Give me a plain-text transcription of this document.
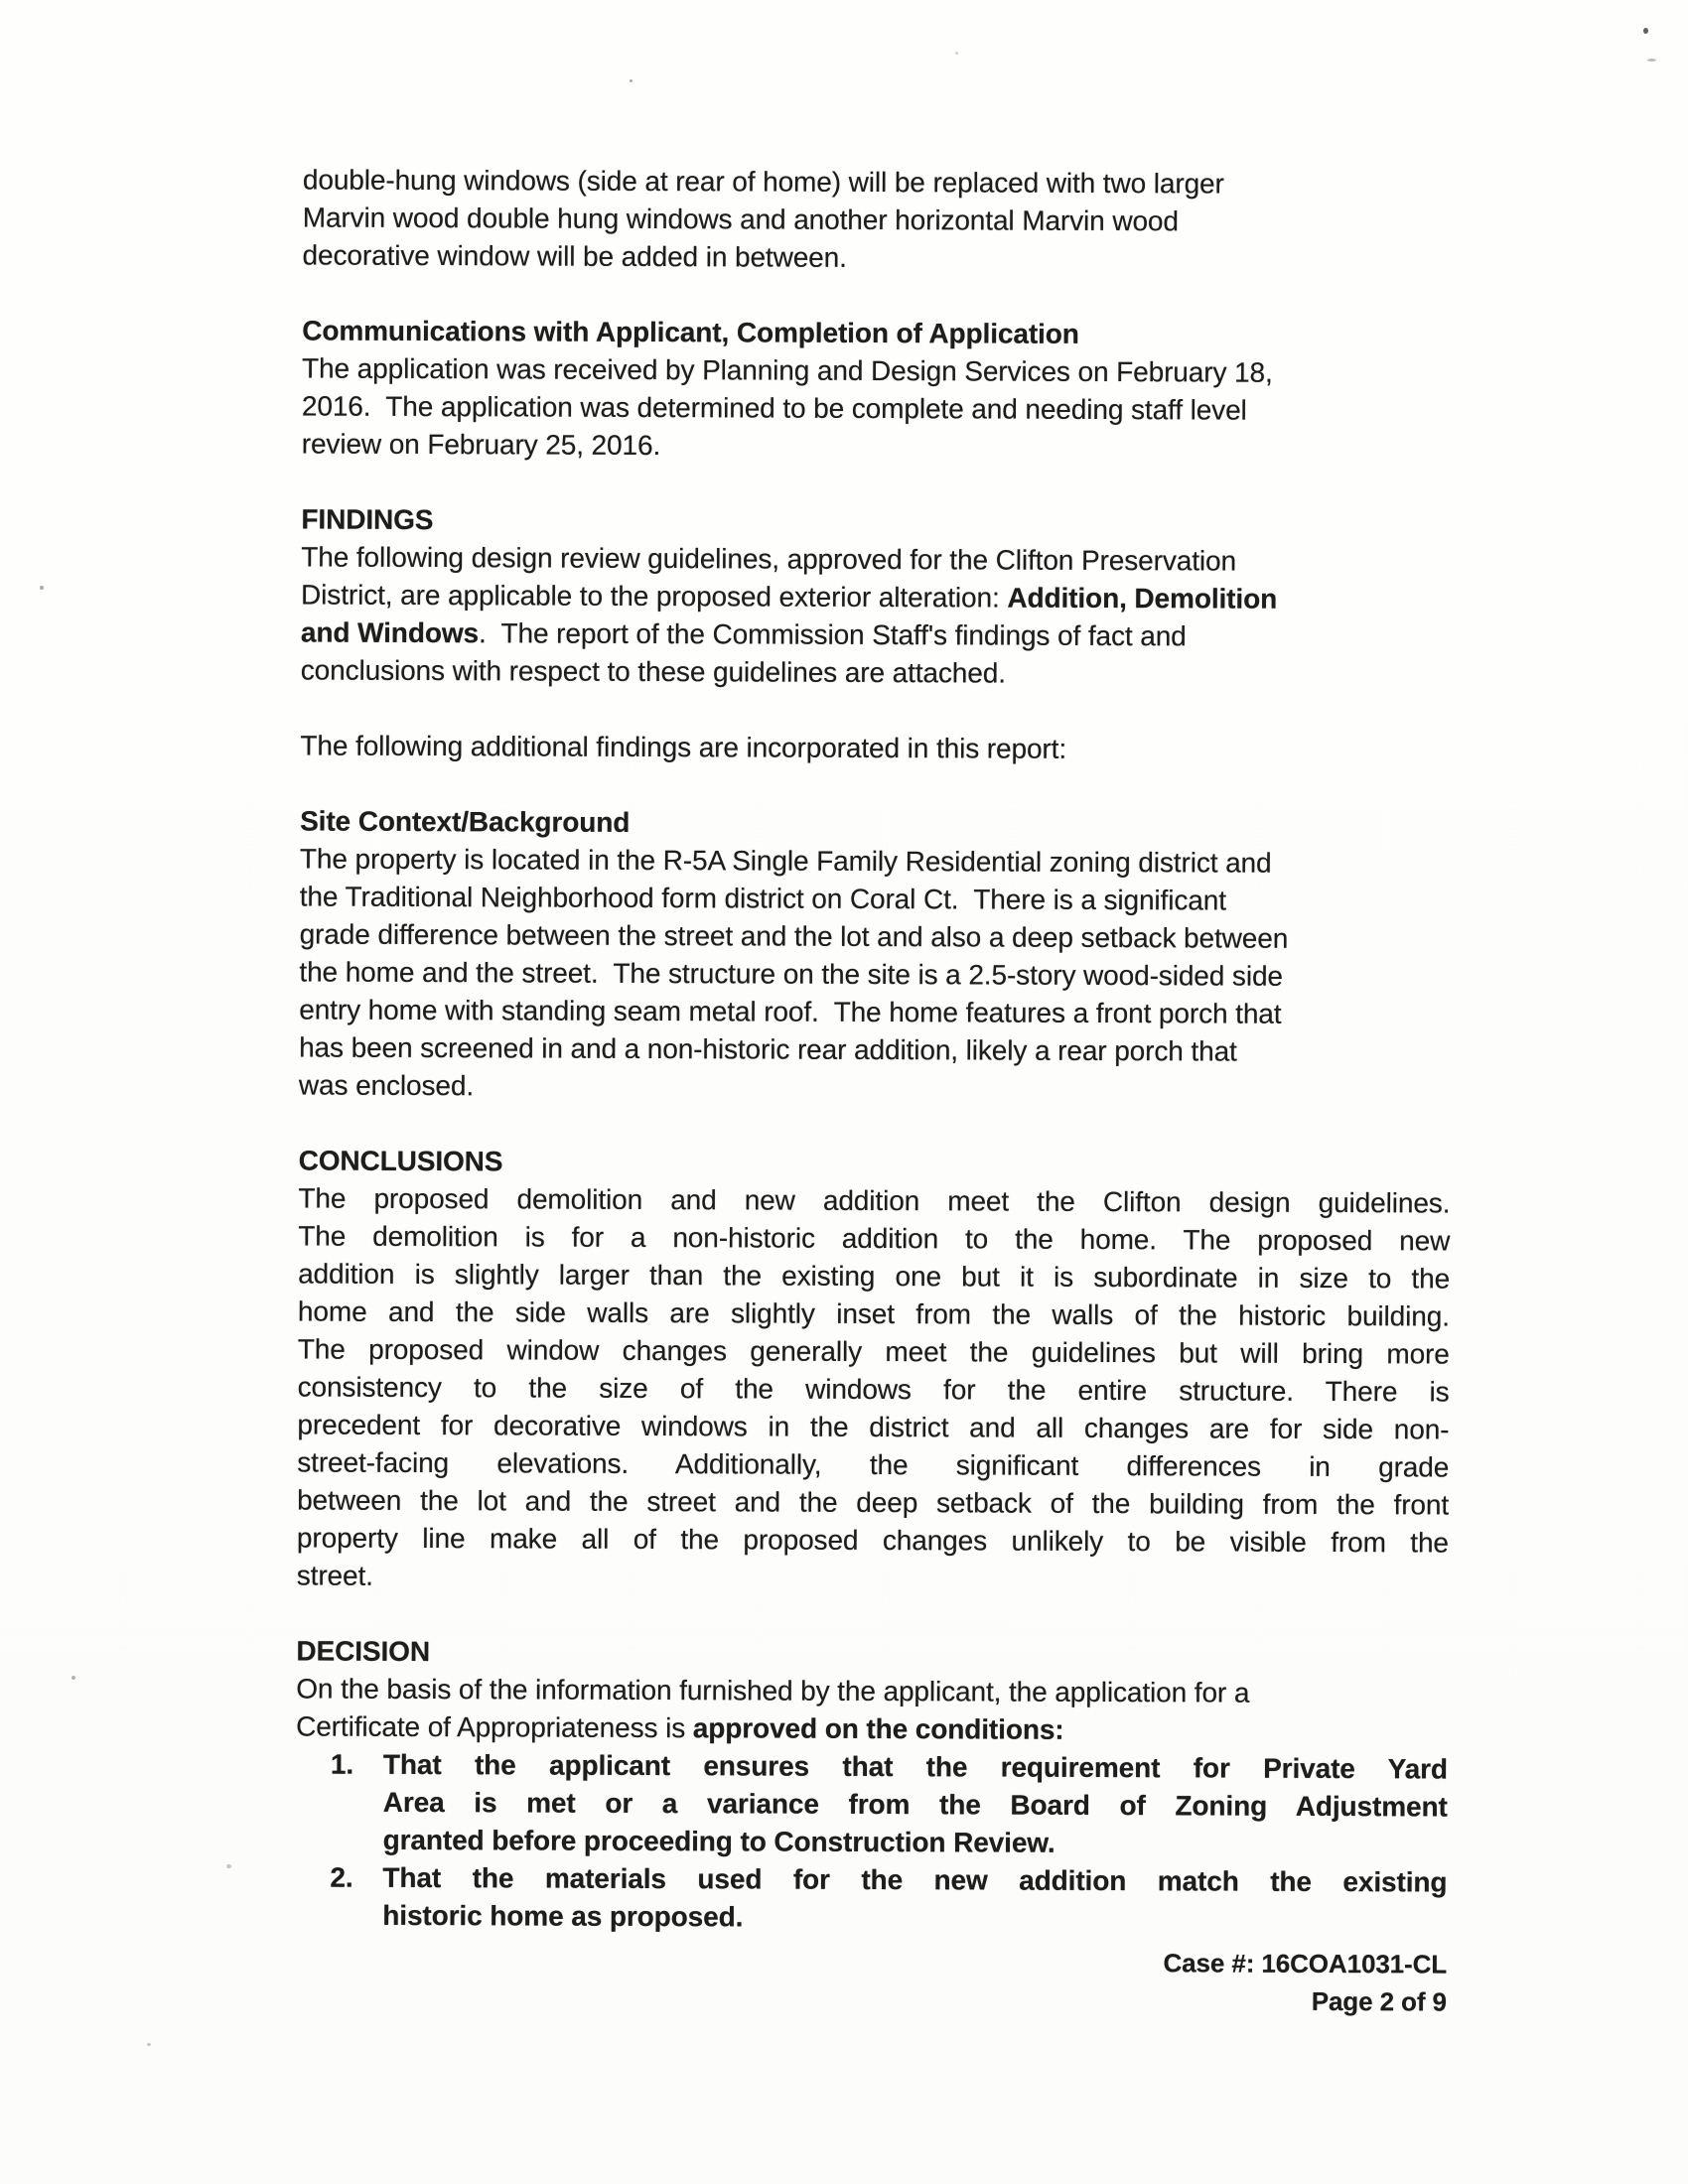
double-hung windows (side at rear of home) will be replaced with two larger
Marvin wood double hung windows and another horizontal Marvin wood
decorative window will be added in between.
Communications with Applicant, Completion of Application
The application was received by Planning and Design Services on February 18,
2016.  The application was determined to be complete and needing staff level
review on February 25, 2016.
FINDINGS
The following design review guidelines, approved for the Clifton Preservation
District, are applicable to the proposed exterior alteration: Addition, Demolition
and Windows.  The report of the Commission Staff's findings of fact and
conclusions with respect to these guidelines are attached.
The following additional findings are incorporated in this report:
Site Context/Background
The property is located in the R-5A Single Family Residential zoning district and
the Traditional Neighborhood form district on Coral Ct.  There is a significant
grade difference between the street and the lot and also a deep setback between
the home and the street.  The structure on the site is a 2.5-story wood-sided side
entry home with standing seam metal roof.  The home features a front porch that
has been screened in and a non-historic rear addition, likely a rear porch that
was enclosed.
CONCLUSIONS
The proposed demolition and new addition meet the Clifton design guidelines.
The demolition is for a non-historic addition to the home. The proposed new
addition is slightly larger than the existing one but it is subordinate in size to the
home and the side walls are slightly inset from the walls of the historic building.
The proposed window changes generally meet the guidelines but will bring more
consistency to the size of the windows for the entire structure. There is
precedent for decorative windows in the district and all changes are for side non-
street-facing elevations. Additionally, the significant differences in grade
between the lot and the street and the deep setback of the building from the front
property line make all of the proposed changes unlikely to be visible from the
street.
DECISION
On the basis of the information furnished by the applicant, the application for a
Certificate of Appropriateness is approved on the conditions:
1.	That the applicant ensures that the requirement for Private Yard
Area is met or a variance from the Board of Zoning Adjustment
granted before proceeding to Construction Review.
2.	That the materials used for the new addition match the existing
historic home as proposed.
Case #: 16COA1031-CL
Page 2 of 9
